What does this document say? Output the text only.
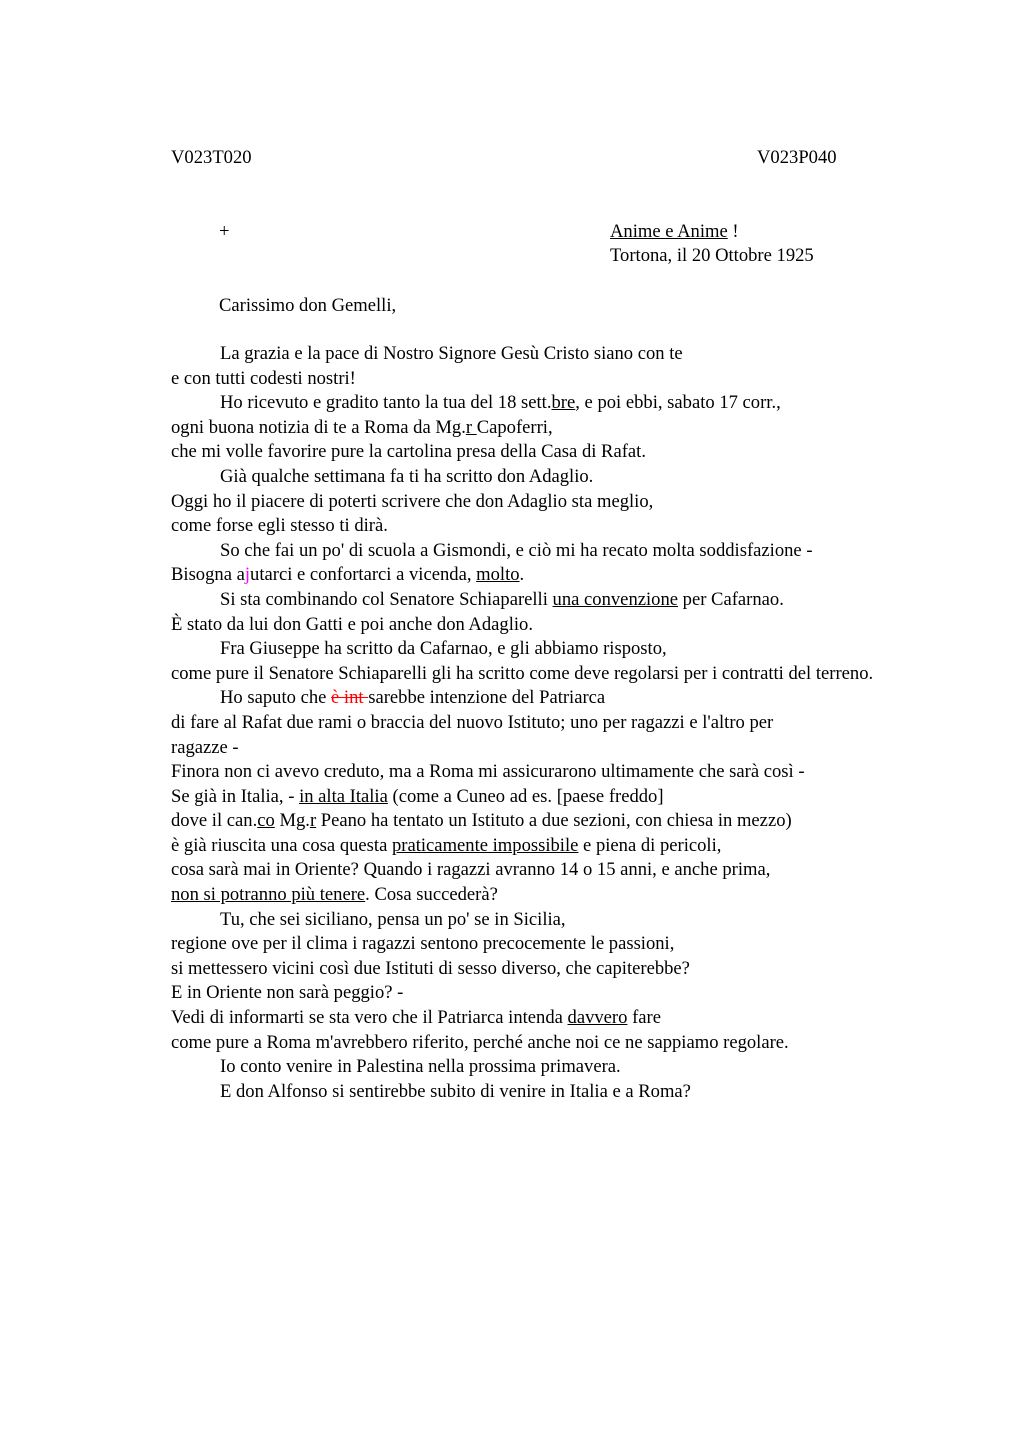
V023T020	V023P040
+	Anime e Anime !
Tortona, il 20 Ottobre 1925
Carissimo don Gemelli,
La grazia e la pace di Nostro Signore Gesù Cristo siano con te
e con tutti codesti nostri!
Ho ricevuto e gradito tanto la tua del 18 sett.bre, e poi ebbi, sabato 17 corr.,
ogni buona notizia di te a Roma da Mg.r Capoferri,
che mi volle favorire pure la cartolina presa della Casa di Rafat.
Già qualche settimana fa ti ha scritto don Adaglio.
Oggi ho il piacere di poterti scrivere che don Adaglio sta meglio,
come forse egli stesso ti dirà.
So che fai un po' di scuola a Gismondi, e ciò mi ha recato molta soddisfazione -
Bisogna ajutarci e confortarci a vicenda, molto.
Si sta combinando col Senatore Schiaparelli una convenzione per Cafarnao.
È stato da lui don Gatti e poi anche don Adaglio.
Fra Giuseppe ha scritto da Cafarnao, e gli abbiamo risposto,
come pure il Senatore Schiaparelli gli ha scritto come deve regolarsi per i contratti del terreno.
Ho saputo che è int sarebbe intenzione del Patriarca
di fare al Rafat due rami o braccia del nuovo Istituto; uno per ragazzi e l'altro per
ragazze -
Finora non ci avevo creduto, ma a Roma mi assicurarono ultimamente che sarà così -
Se già in Italia, - in alta Italia (come a Cuneo ad es. [paese freddo]
dove il can.co Mg.r Peano ha tentato un Istituto a due sezioni, con chiesa in mezzo)
è già riuscita una cosa questa praticamente impossibile e piena di pericoli,
cosa sarà mai in Oriente? Quando i ragazzi avranno 14 o 15 anni, e anche prima,
non si potranno più tenere. Cosa succederà?
Tu, che sei siciliano, pensa un po' se in Sicilia,
regione ove per il clima i ragazzi sentono precocemente le passioni,
si mettessero vicini così due Istituti di sesso diverso, che capiterebbe?
E in Oriente non sarà peggio? -
Vedi di informarti se sta vero che il Patriarca intenda davvero fare
come pure a Roma m'avrebbero riferito, perché anche noi ce ne sappiamo regolare.
Io conto venire in Palestina nella prossima primavera.
E don Alfonso si sentirebbe subito di venire in Italia e a Roma?
